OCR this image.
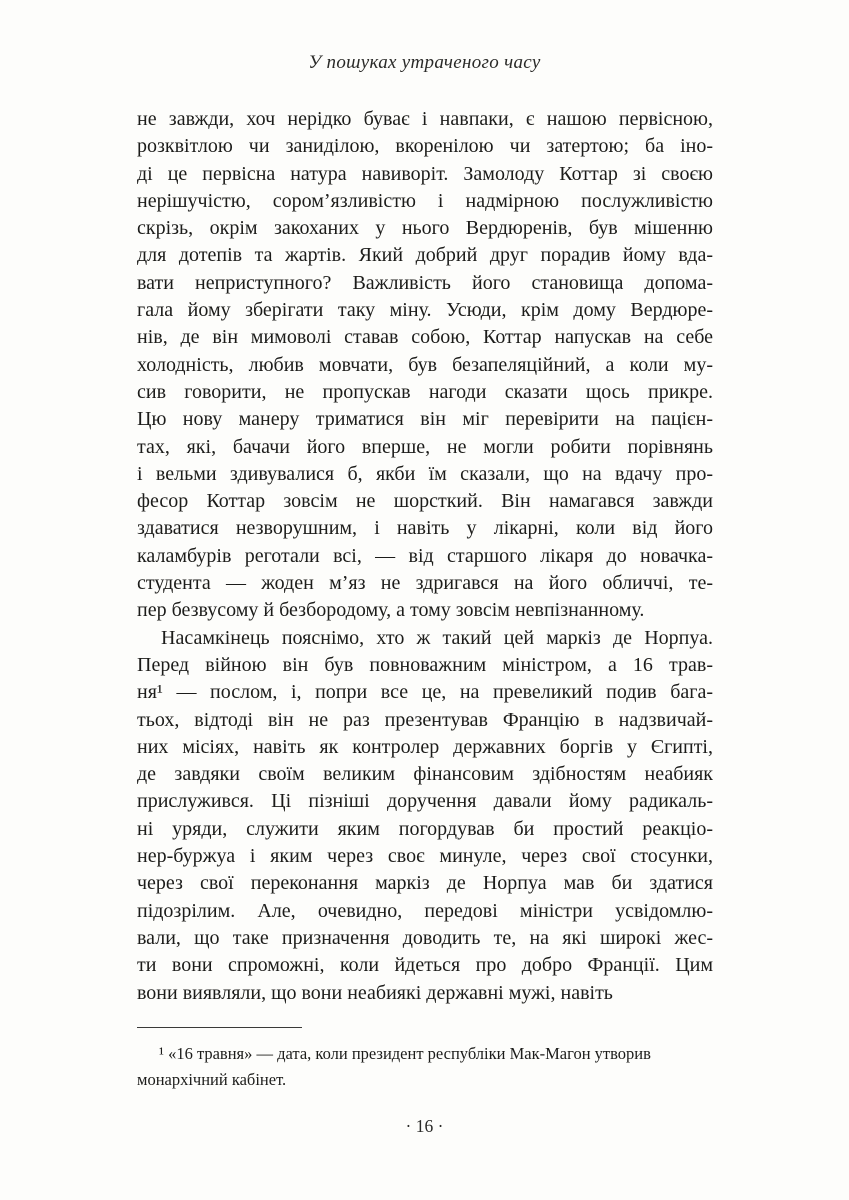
У пошуках утраченого часу
не завжди, хоч нерідко буває і навпаки, є нашою первісною,
розквітлою чи заниділою, вкоренілою чи затертою; ба іно-
ді це первісна натура навиворіт. Замолоду Коттар зі своєю
нерішучістю, сором’язливістю і надмірною послужливістю
скрізь, окрім закоханих у нього Вердюренів, був мішенню
для дотепів та жартів. Який добрий друг порадив йому вда-
вати неприступного? Важливість його становища допома-
гала йому зберігати таку міну. Усюди, крім дому Вердюре-
нів, де він мимоволі ставав собою, Коттар напускав на себе
холодність, любив мовчати, був безапеляційний, а коли му-
сив говорити, не пропускав нагоди сказати щось прикре.
Цю нову манеру триматися він міг перевірити на пацієн-
тах, які, бачачи його вперше, не могли робити порівнянь
і вельми здивувалися б, якби їм сказали, що на вдачу про-
фесор Коттар зовсім не шорсткий. Він намагався завжди
здаватися незворушним, і навіть у лікарні, коли від його
каламбурів реготали всі, — від старшого лікаря до новачка-
студента — жоден м’яз не здригався на його обличчі, те-
пер безвусому й безбородому, а тому зовсім невпізнанному.
Насамкінець пояснімо, хто ж такий цей маркіз де Норпуа.
Перед війною він був повноважним міністром, а 16 трав-
ня¹ — послом, і, попри все це, на превеликий подив бага-
тьох, відтоді він не раз презентував Францію в надзвичай-
них місіях, навіть як контролер державних боргів у Єгипті,
де завдяки своїм великим фінансовим здібностям неабияк
прислужився. Ці пізніші доручення давали йому радикаль-
ні уряди, служити яким погордував би простий реакціо-
нер-буржуа і яким через своє минуле, через свої стосунки,
через свої переконання маркіз де Норпуа мав би здатися
підозрілим. Але, очевидно, передові міністри усвідомлю-
вали, що таке призначення доводить те, на які широкі жес-
ти вони спроможні, коли йдеться про добро Франції. Цим
вони виявляли, що вони неабиякі державні мужі, навіть
¹ «16 травня» — дата, коли президент республіки Мак-Магон утворив
монархічний кабінет.
· 16 ·
